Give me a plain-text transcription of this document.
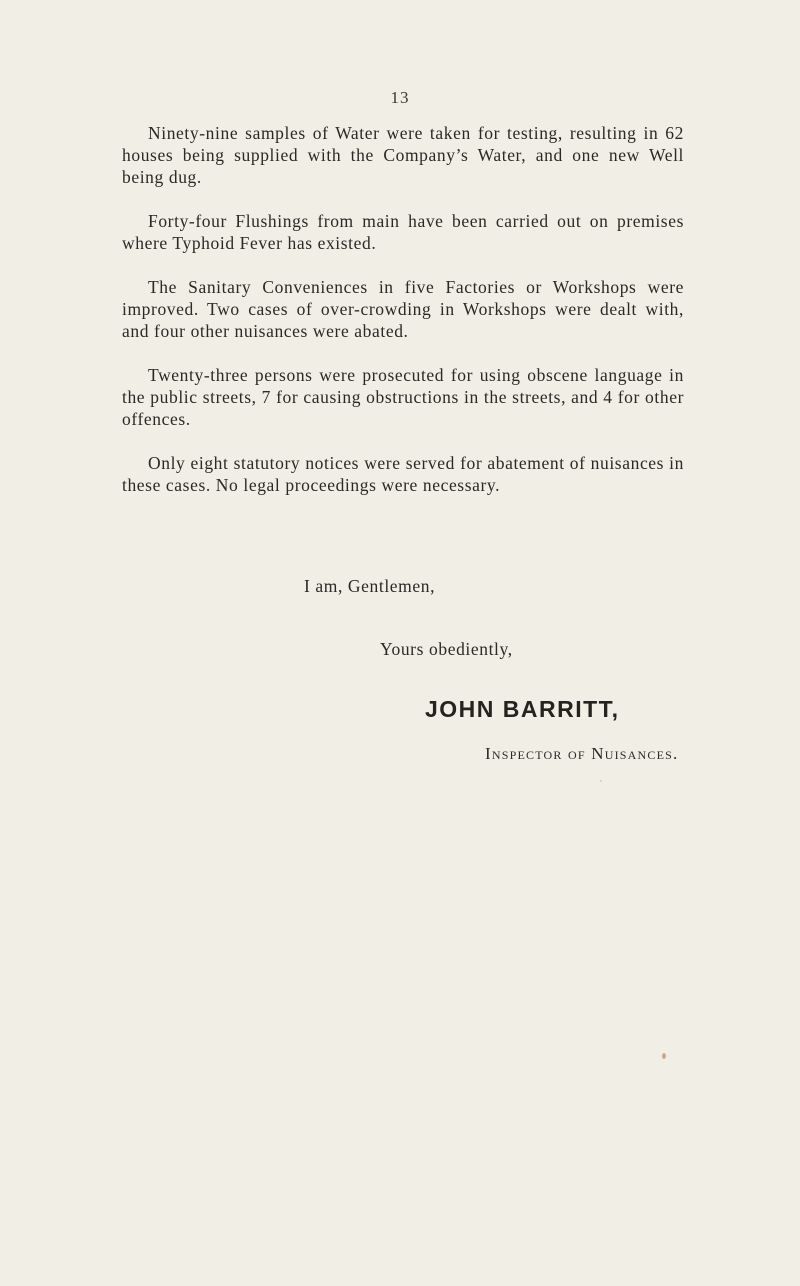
13

Ninety-nine samples of Water were taken for testing, resulting in 62 houses being supplied with the Company’s Water, and one new Well being dug.

Forty-four Flushings from main have been carried out on premises where Typhoid Fever has existed.

The Sanitary Conveniences in five Factories or Workshops were improved. Two cases of over-crowding in Workshops were dealt with, and four other nuisances were abated.

Twenty-three persons were prosecuted for using obscene language in the public streets, 7 for causing obstructions in the streets, and 4 for other offences.

Only eight statutory notices were served for abatement of nuisances in these cases. No legal proceedings were necessary.

I am, Gentlemen,
Yours obediently,
JOHN BARRITT,
Inspector of Nuisances.
